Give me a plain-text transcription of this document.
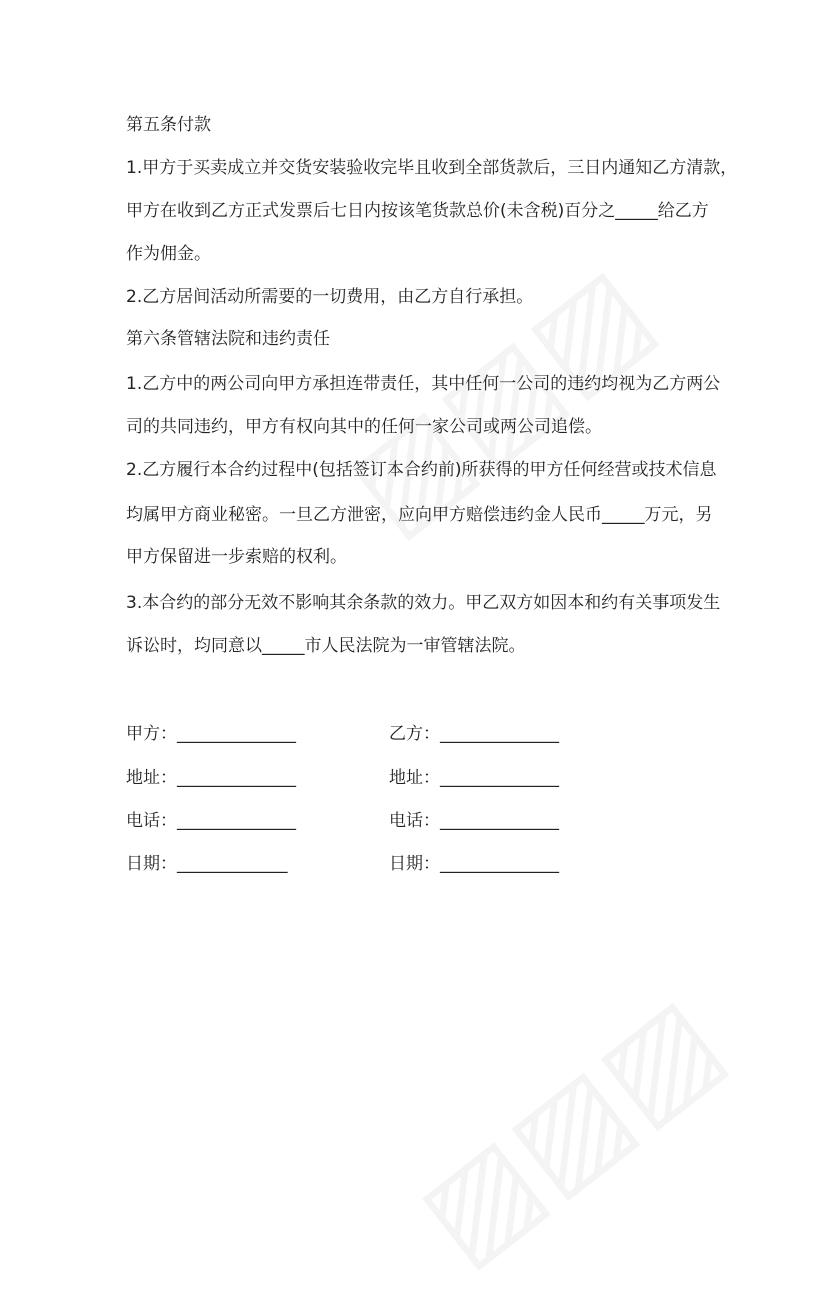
第五条付款
1.甲方于买卖成立并交货安装验收完毕且收到全部货款后，三日内通知乙方清款，
甲方在收到乙方正式发票后七日内按该笔货款总价(未含税)百分之_____给乙方
作为佣金。
2.乙方居间活动所需要的一切费用，由乙方自行承担。
第六条管辖法院和违约责任
1.乙方中的两公司向甲方承担连带责任，其中任何一公司的违约均视为乙方两公
司的共同违约，甲方有权向其中的任何一家公司或两公司追偿。
2.乙方履行本合约过程中(包括签订本合约前)所获得的甲方任何经营或技术信息
均属甲方商业秘密。一旦乙方泄密，应向甲方赔偿违约金人民币_____万元，另
甲方保留进一步索赔的权利。
3.本合约的部分无效不影响其余条款的效力。甲乙双方如因本和约有关事项发生
诉讼时，均同意以_____市人民法院为一审管辖法院。
甲方：______________
地址：______________
电话：______________
日期：_____________
乙方：______________
地址：______________
电话：______________
日期：______________
